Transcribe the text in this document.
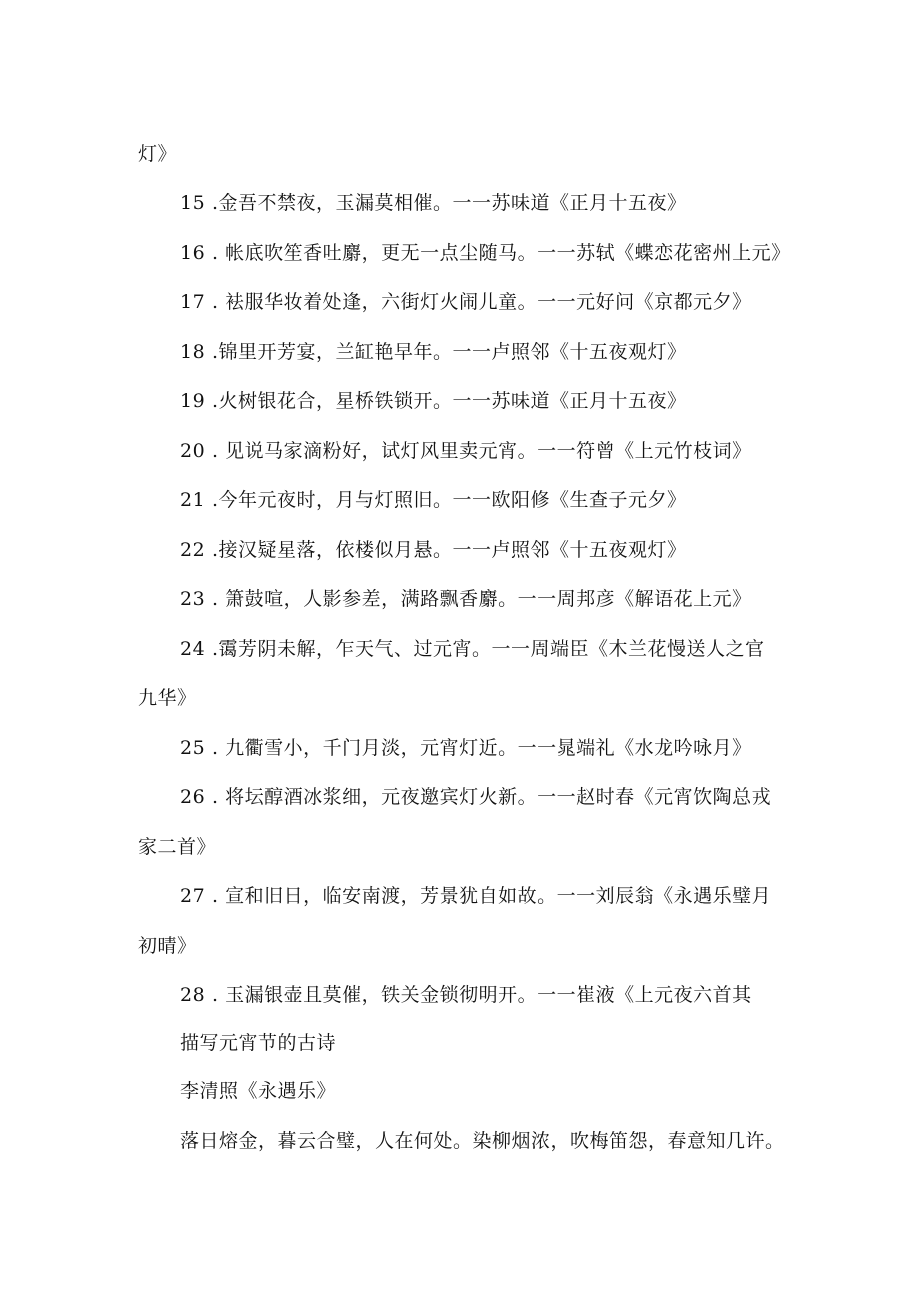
灯》
15 .金吾不禁夜，玉漏莫相催。一一苏味道《正月十五夜》
16 . 帐底吹笙香吐麝，更无一点尘随马。一一苏轼《蝶恋花密州上元》
17 . 袪服华妆着处逢，六街灯火闹儿童。一一元好问《京都元夕》
18 .锦里开芳宴，兰缸艳早年。一一卢照邻《十五夜观灯》
19 .火树银花合，星桥铁锁开。一一苏味道《正月十五夜》
20 . 见说马家滴粉好，试灯风里卖元宵。一一符曾《上元竹枝词》
21 .今年元夜时，月与灯照旧。一一欧阳修《生查子元夕》
22 .接汉疑星落，依楼似月悬。一一卢照邻《十五夜观灯》
23 . 箫鼓喧，人影参差，满路飘香麝。一一周邦彦《解语花上元》
24 .霭芳阴未解，乍天气、过元宵。一一周端臣《木兰花慢送人之官
九华》
25 . 九衢雪小，千门月淡，元宵灯近。一一晁端礼《水龙吟咏月》
26 . 将坛醇酒冰浆细，元夜邀宾灯火新。一一赵时春《元宵饮陶总戎
家二首》
27 . 宣和旧日，临安南渡，芳景犹自如故。一一刘辰翁《永遇乐璧月
初晴》
28 . 玉漏银壶且莫催，铁关金锁彻明开。一一崔液《上元夜六首其
描写元宵节的古诗
李清照《永遇乐》
落日熔金，暮云合璧，人在何处。染柳烟浓，吹梅笛怨，春意知几许。
